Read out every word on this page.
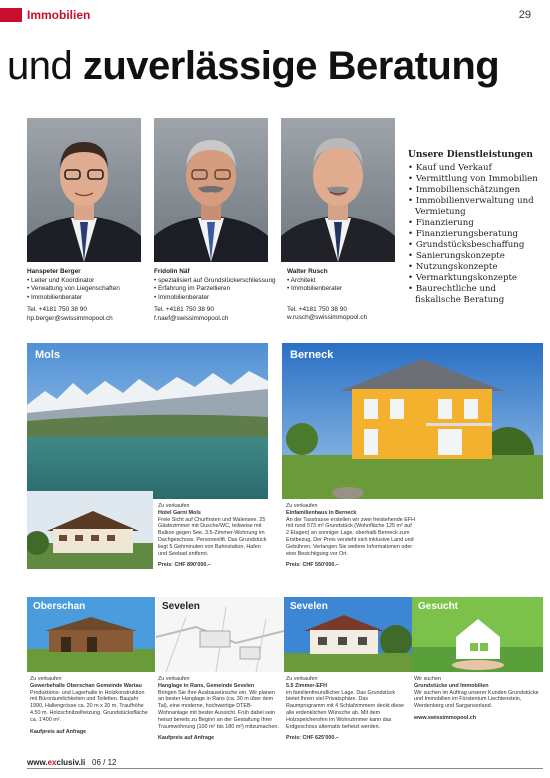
Immobilien	29
und zuverlässige Beratung
Hanspeter Berger
• Leiter und Koordinator
• Verwaltung von Liegenschaften
• Immobilienberater
Tel. +4181 750 38 90
hp.berger@swissimmopool.ch
Fridolin Näf
• spezialisiert auf Grundstückerschliessung
• Erfahrung im Parzellieren
• Immobilienberater
Tel. +4181 750 38 90
f.naef@swissimmopool.ch
Walter Rusch
• Architekt
• Immobilienberater
Tel. +4181 750 38 90
w.rusch@swissimmopool.ch
Unsere Dienstleistungen
• Kauf und Verkauf
• Vermittlung von Immobilien
• Immobilienschätzungen
• Immobilienverwaltung und Vermietung
• Finanzierung
• Finanzierungsberatung
• Grundstücksbeschaffung
• Sanierungskonzepte
• Nutzungskonzepte
• Vermarktungskonzepte
• Baurechtliche und fiskalische Beratung
Mols
Zu verkaufen
Hotel Garni Mols
Freie Sicht auf Churfirsten und Walensee. 25 Gästezimmer mit Dusche/WC, teilweise mit Balkon gegen See. 3.5-Zimmer-Wohnung im Dachgeschoss. Personenlift. Das Grundstück liegt 5 Gehminuten von Bahnstation, Hafen und Seebad entfernt.
Preis: CHF 890'000.–
Berneck
Zu verkaufen
Einfamilienhaus in Berneck
An der Tasstrasse erstellen wir zwei freistehende EFH mit rund 573 m² Grundstück (Wohnfläche 125 m² auf 2 Etagen) an sonniger Lage, oberhalb Berneck zum Erstbezug. Der Preis versteht sich inklusive Land und Gebühren. Verlangen Sie weitere Informationen oder eine Besichtigung vor Ort.
Preis: CHF 550'000.–
Oberschan	Sevelen	Sevelen	Gesucht
Zu verkaufen
Gewerbehalle Oberschan Gemeinde Wartau
Produktions- und Lagerhalle in Holzkonstruktion mit Büroräumlichkeiten und Toiletten. Baujahr 1990, Hallengrösse ca. 20 m x 20 m, Traufhöhe 4.50 m. Holzschnitzelheizung. Grundstücksfläche ca. 1'400 m².
Kaufpreis auf Anfrage
Zu verkaufen
Hanglage in Rans, Gemeinde Sevelen
Bringen Sie Ihre Ausbauwünsche ein. Wir planen an bester Hanglage in Rans (ca. 30 m über dem Tal), eine moderne, hochwertige DTEB-Wohnanlage mit bester Aussicht. Früh dabei sein heisst bereits zu Beginn an der Gestaltung Ihrer Traumwohnung (100 m² bis 180 m²) mitzumachen.
Kaufpreis auf Anfrage
Zu verkaufen
5.5 Zimmer-EFH
im familienfreundlicher Lage. Das Grundstück bietet Ihnen viel Privatsphäre. Das Raumprogramm mit 4 Schlafzimmern deckt diese alle erdenklichen Wünsche ab. Mit dem Holzspeicherofen im Wohnzimmer kann das Erdgeschoss alternativ beheizt werden.
Preis: CHF 625'000.–
Wir suchen
Grundstücke und Immobilien
Wir suchen im Auftrag unserer Kunden Grundstücke und Immobilien im Fürstentum Liechtenstein, Werdenberg und Sarganserland.
www.swissimmopool.ch
www.exclusiv.li 06 / 12
